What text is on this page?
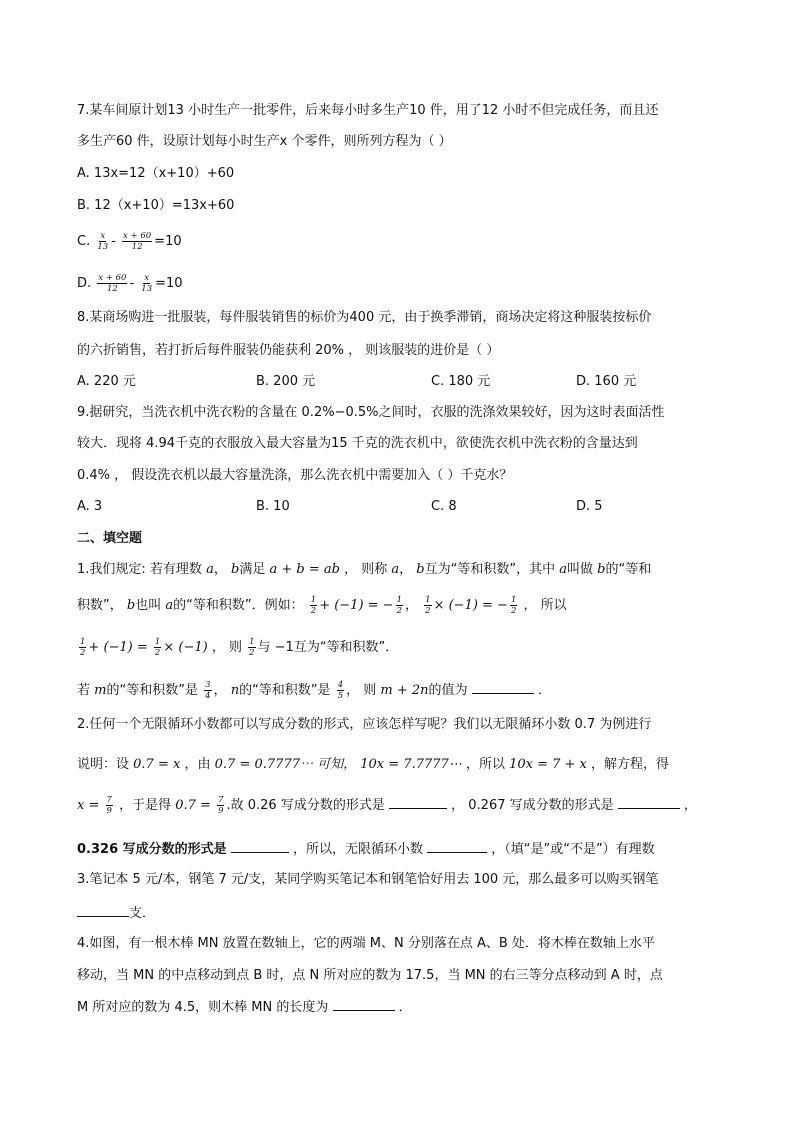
7.某车间原计划13 小时生产一批零件，后来每小时多生产10 件，用了12 小时不但完成任务，而且还
多生产60 件，设原计划每小时生产x 个零件，则所列方程为（ ）
A. 13x=12（x+10）+60
B. 12（x+10）=13x+60
C. $\frac{x}{13} - \frac{x + 60}{12} =10$
D. $\frac{x + 60}{12} - \frac{x}{13} =10$
8.某商场购进一批服装，每件服装销售的标价为400 元，由于换季滞销，商场决定将这种服装按标价
的六折销售，若打折后每件服装仍能获利 20% ， 则该服装的进价是（ ）
A. 220 元	B. 200 元	C. 180 元	D. 160 元
9.据研究，当洗衣机中洗衣粉的含量在 0.2%−0.5%之间时，衣服的洗涤效果较好，因为这时表面活性
较大．现将 4.94千克的衣服放入最大容量为15 千克的洗衣机中，欲使洗衣机中洗衣粉的含量达到
0.4% ， 假设洗衣机以最大容量洗涤，那么洗衣机中需要加入（ ）千克水？
A. 3	B. 10	C. 8	D. 5
二、填空题
1.我们规定: 若有理数 a， b满足 a + b = ab ， 则称 a， b互为“等和积数”，其中 a叫做 b的“等和
积数”， b也叫 a的“等和积数”．例如： $\frac{1}{2} + (-1)$ = − $\frac{1}{2}$ ， $\frac{1}{2} \times (-1)$ = − $\frac{1}{2}$ ， 所以
$\frac{1}{2} + (-1) = \frac{1}{2} \times (-1)$ ， 则 $\frac{1}{2}$ 与 −1互为“等和积数”．
若 m的“等和积数”是 $\frac{3}{4}$ ， n的“等和积数”是 $\frac{4}{5}$ ， 则 m + 2n的值为	．
2.任何一个无限循环小数都可以写成分数的形式，应该怎样写呢？我们以无限循环小数 0.7 为例进行
说明：设 0.7 = x ，由 0.7 = 0.7777⋯ 可知， 10x = 7.7777⋯ ，所以 10x = 7 + x ，解方程，得
$x = \frac{7}{9}$ ，于是得 $0.7 = \frac{7}{9}$ .故 0.26 写成分数的形式是	， 0.267 写成分数的形式是	，
0.326 写成分数的形式是	，所以，无限循环小数	，（填“是”或“不是”）有理数
3.笔记本 5 元/本，钢笔 7 元/支，某同学购买笔记本和钢笔恰好用去 100 元，那么最多可以购买钢笔
支．
4.如图，有一根木棒 MN 放置在数轴上，它的两端 M、N 分别落在点 A、B 处．将木棒在数轴上水平
移动，当 MN 的中点移动到点 B 时，点 N 所对应的数为 17.5，当 MN 的右三等分点移动到 A 时，点
M 所对应的数为 4.5，则木棒 MN 的长度为	．
